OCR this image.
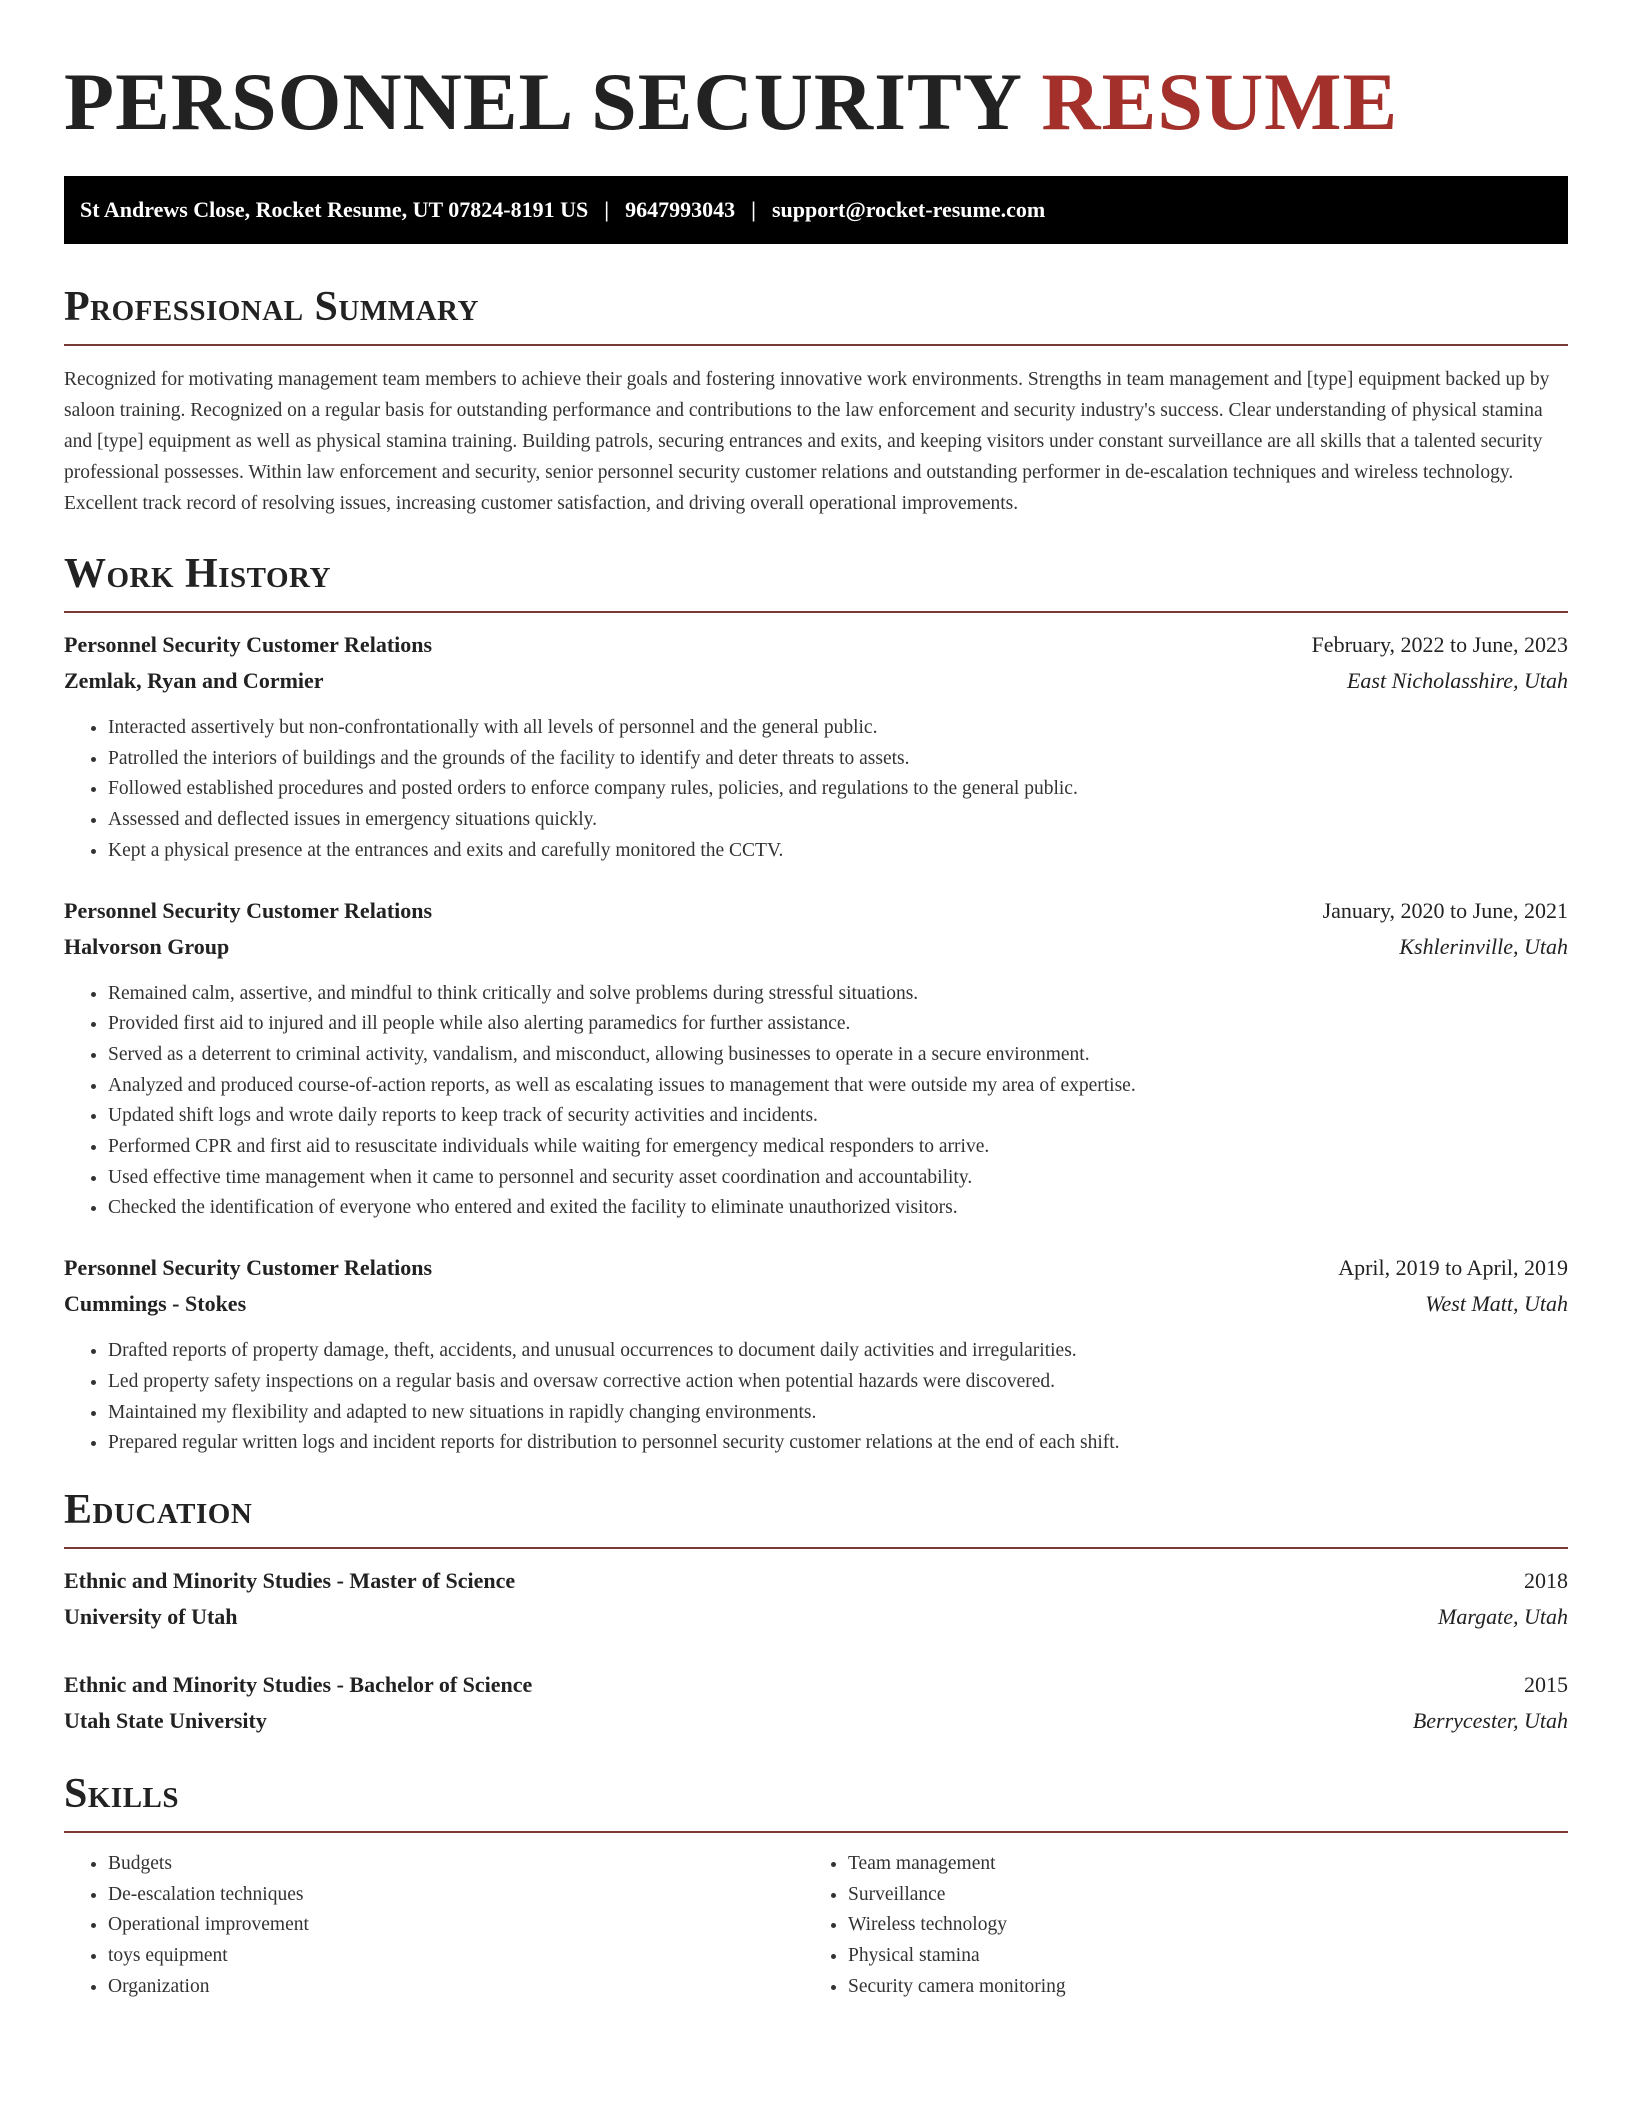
PERSONNEL SECURITY RESUME
St Andrews Close, Rocket Resume, UT 07824-8191 US | 9647993043 | support@rocket-resume.com
Professional Summary

Recognized for motivating management team members to achieve their goals and fostering innovative work environments. Strengths in team management and [type] equipment backed up by saloon training. Recognized on a regular basis for outstanding performance and contributions to the law enforcement and security industry's success. Clear understanding of physical stamina and [type] equipment as well as physical stamina training. Building patrols, securing entrances and exits, and keeping visitors under constant surveillance are all skills that a talented security professional possesses. Within law enforcement and security, senior personnel security customer relations and outstanding performer in de-escalation techniques and wireless technology. Excellent track record of resolving issues, increasing customer satisfaction, and driving overall operational improvements.

Work History
Personnel Security Customer Relations	February, 2022 to June, 2023
Zemlak, Ryan and Cormier	East Nicholasshire, Utah
• Interacted assertively but non-confrontationally with all levels of personnel and the general public.
• Patrolled the interiors of buildings and the grounds of the facility to identify and deter threats to assets.
• Followed established procedures and posted orders to enforce company rules, policies, and regulations to the general public.
• Assessed and deflected issues in emergency situations quickly.
• Kept a physical presence at the entrances and exits and carefully monitored the CCTV.
Personnel Security Customer Relations	January, 2020 to June, 2021
Halvorson Group	Kshlerinville, Utah
• Remained calm, assertive, and mindful to think critically and solve problems during stressful situations.
• Provided first aid to injured and ill people while also alerting paramedics for further assistance.
• Served as a deterrent to criminal activity, vandalism, and misconduct, allowing businesses to operate in a secure environment.
• Analyzed and produced course-of-action reports, as well as escalating issues to management that were outside my area of expertise.
• Updated shift logs and wrote daily reports to keep track of security activities and incidents.
• Performed CPR and first aid to resuscitate individuals while waiting for emergency medical responders to arrive.
• Used effective time management when it came to personnel and security asset coordination and accountability.
• Checked the identification of everyone who entered and exited the facility to eliminate unauthorized visitors.
Personnel Security Customer Relations	April, 2019 to April, 2019
Cummings - Stokes	West Matt, Utah
• Drafted reports of property damage, theft, accidents, and unusual occurrences to document daily activities and irregularities.
• Led property safety inspections on a regular basis and oversaw corrective action when potential hazards were discovered.
• Maintained my flexibility and adapted to new situations in rapidly changing environments.
• Prepared regular written logs and incident reports for distribution to personnel security customer relations at the end of each shift.
Education
Ethnic and Minority Studies - Master of Science	2018
University of Utah	Margate, Utah
Ethnic and Minority Studies - Bachelor of Science	2015
Utah State University	Berrycester, Utah
Skills
• Budgets
• De-escalation techniques
• Operational improvement
• toys equipment
• Organization
• Team management
• Surveillance
• Wireless technology
• Physical stamina
• Security camera monitoring
